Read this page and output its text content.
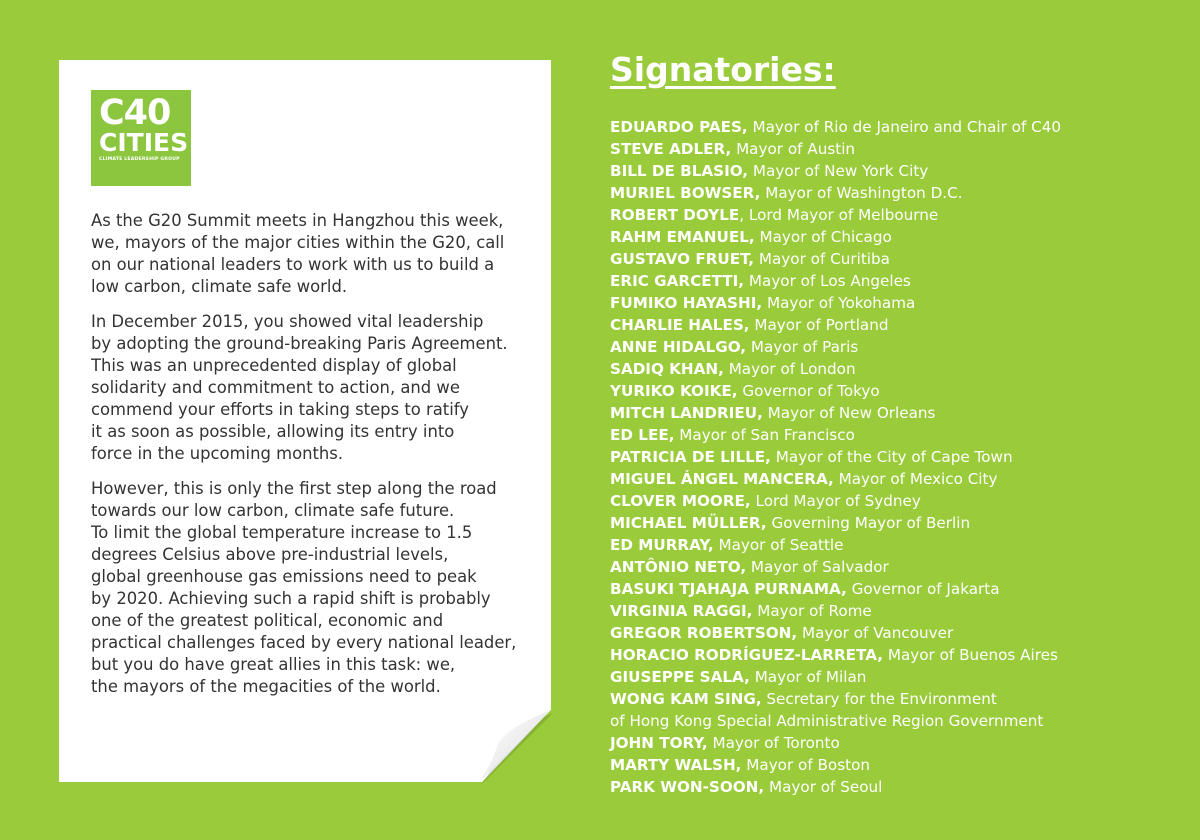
C40
CITIES
CLIMATE LEADERSHIP GROUP

As the G20 Summit meets in Hangzhou this week,
we, mayors of the major cities within the G20, call
on our national leaders to work with us to build a
low carbon, climate safe world.

In December 2015, you showed vital leadership
by adopting the ground-breaking Paris Agreement.
This was an unprecedented display of global
solidarity and commitment to action, and we
commend your efforts in taking steps to ratify
it as soon as possible, allowing its entry into
force in the upcoming months.

However, this is only the first step along the road
towards our low carbon, climate safe future.
To limit the global temperature increase to 1.5
degrees Celsius above pre-industrial levels,
global greenhouse gas emissions need to peak
by 2020. Achieving such a rapid shift is probably
one of the greatest political, economic and
practical challenges faced by every national leader,
but you do have great allies in this task: we,
the mayors of the megacities of the world.

Signatories:
EDUARDO PAES, Mayor of Rio de Janeiro and Chair of C40
STEVE ADLER, Mayor of Austin
BILL DE BLASIO, Mayor of New York City
MURIEL BOWSER, Mayor of Washington D.C.
ROBERT DOYLE, Lord Mayor of Melbourne
RAHM EMANUEL, Mayor of Chicago
GUSTAVO FRUET, Mayor of Curitiba
ERIC GARCETTI, Mayor of Los Angeles
FUMIKO HAYASHI, Mayor of Yokohama
CHARLIE HALES, Mayor of Portland
ANNE HIDALGO, Mayor of Paris
SADIQ KHAN, Mayor of London
YURIKO KOIKE, Governor of Tokyo
MITCH LANDRIEU, Mayor of New Orleans
ED LEE, Mayor of San Francisco
PATRICIA DE LILLE, Mayor of the City of Cape Town
MIGUEL ÁNGEL MANCERA, Mayor of Mexico City
CLOVER MOORE, Lord Mayor of Sydney
MICHAEL MÜLLER, Governing Mayor of Berlin
ED MURRAY, Mayor of Seattle
ANTÔNIO NETO, Mayor of Salvador
BASUKI TJAHAJA PURNAMA, Governor of Jakarta
VIRGINIA RAGGI, Mayor of Rome
GREGOR ROBERTSON, Mayor of Vancouver
HORACIO RODRÍGUEZ-LARRETA, Mayor of Buenos Aires
GIUSEPPE SALA, Mayor of Milan
WONG KAM SING, Secretary for the Environment
of Hong Kong Special Administrative Region Government
JOHN TORY, Mayor of Toronto
MARTY WALSH, Mayor of Boston
PARK WON-SOON, Mayor of Seoul
